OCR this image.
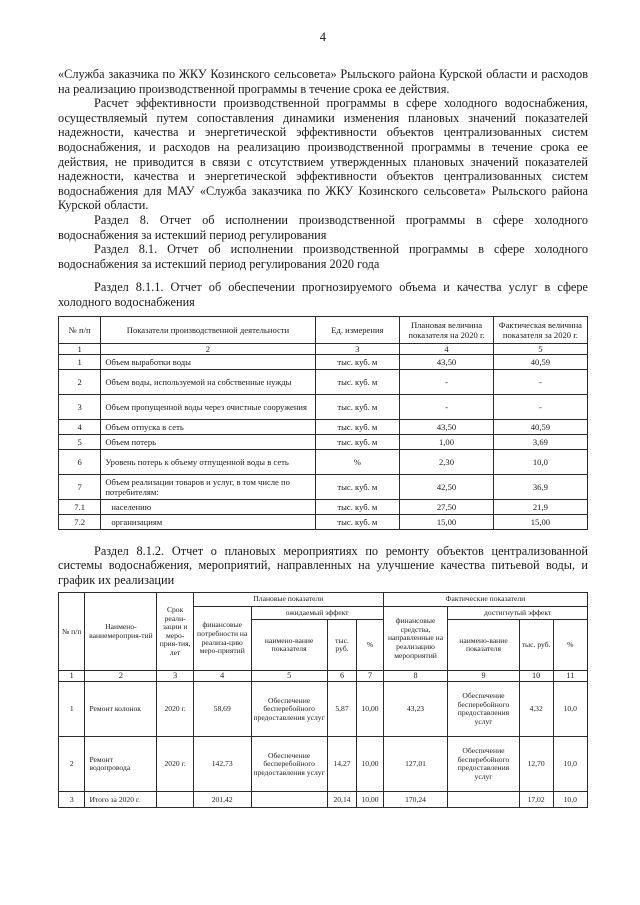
4

«Служба заказчика по ЖКУ Козинского сельсовета» Рыльского района Курской области и расходов на реализацию производственной программы в течение срока ее действия.

Расчет эффективности производственной программы в сфере холодного водоснабжения, осуществляемый путем сопоставления динамики изменения плановых значений показателей надежности, качества и энергетической эффективности объектов централизованных систем водоснабжения, и расходов на реализацию производственной программы в течение срока ее действия, не приводится в связи с отсутствием утвержденных плановых значений показателей надежности, качества и энергетической эффективности объектов централизованных систем водоснабжения для МАУ «Служба заказчика по ЖКУ Козинского сельсовета» Рыльского района Курской области.

Раздел 8. Отчет об исполнении производственной программы в сфере холодного водоснабжения за истекший период регулирования

Раздел 8.1. Отчет об исполнении производственной программы в сфере холодного водоснабжения за истекший период регулирования 2020 года

Раздел 8.1.1. Отчет об обеспечении прогнозируемого объема и качества услуг в сфере холодного водоснабжения

№ п/п	Показатели производственной деятельности	Ед. измерения	Плановая величина показателя на 2020 г.	Фактическая величина показателя за 2020 г.
1	2	3	4	5
1	Объем выработки воды	тыс. куб. м	43,50	40,59
2	Объем воды, используемой на собственные нужды	тыс. куб. м	-	-
3	Объем пропущенной воды через очистные сооружения	тыс. куб. м	-	-
4	Объем отпуска в сеть	тыс. куб. м	43,50	40,59
5	Объем потерь	тыс. куб. м	1,00	3,69
6	Уровень потерь к объему отпущенной воды в сеть	%	2,30	10,0
7	Объем реализации товаров и услуг, в том числе по потребителям:	тыс. куб. м	42,50	36,9
7.1	населению	тыс. куб. м	27,50	21,9
7.2	организациям	тыс. куб. м	15,00	15,00

Раздел 8.1.2. Отчет о плановых мероприятиях по ремонту объектов централизованной системы водоснабжения, мероприятий, направленных на улучшение качества питьевой воды, и график их реализации

№ п/п	Наимено-ваниемероприя-тий	Срок реали-зации и меро-прия-тия, лет	Плановые показатели				Фактические показатели			
			финансовые потребности на реализа-цию меро-приятий	ожидаемый эффект			финансовые средства, направленные на реализацию мероприятий	достигнутый эффект		
				наимено-вание показателя	тыс. руб.	%		наимено-вание показателя	тыс. руб.	%
1	2	3	4	5	6	7	8	9	10	11
1	Ремонт колонок	2020 г.	58,69	Обеспечение бесперебойного предоставления услуг	5,87	10,00	43,23	Обеспечение бесперебойного предоставления услуг	4,32	10,0
2	Ремонт водопровода	2020 г.	142,73	Обеспечение бесперебойного предоставления услуг	14,27	10,00	127,01	Обеспечение бесперебойного предоставления услуг	12,70	10,0
3	Итого за 2020 г.		201,42		20,14	10,00	170,24		17,02	10,0
